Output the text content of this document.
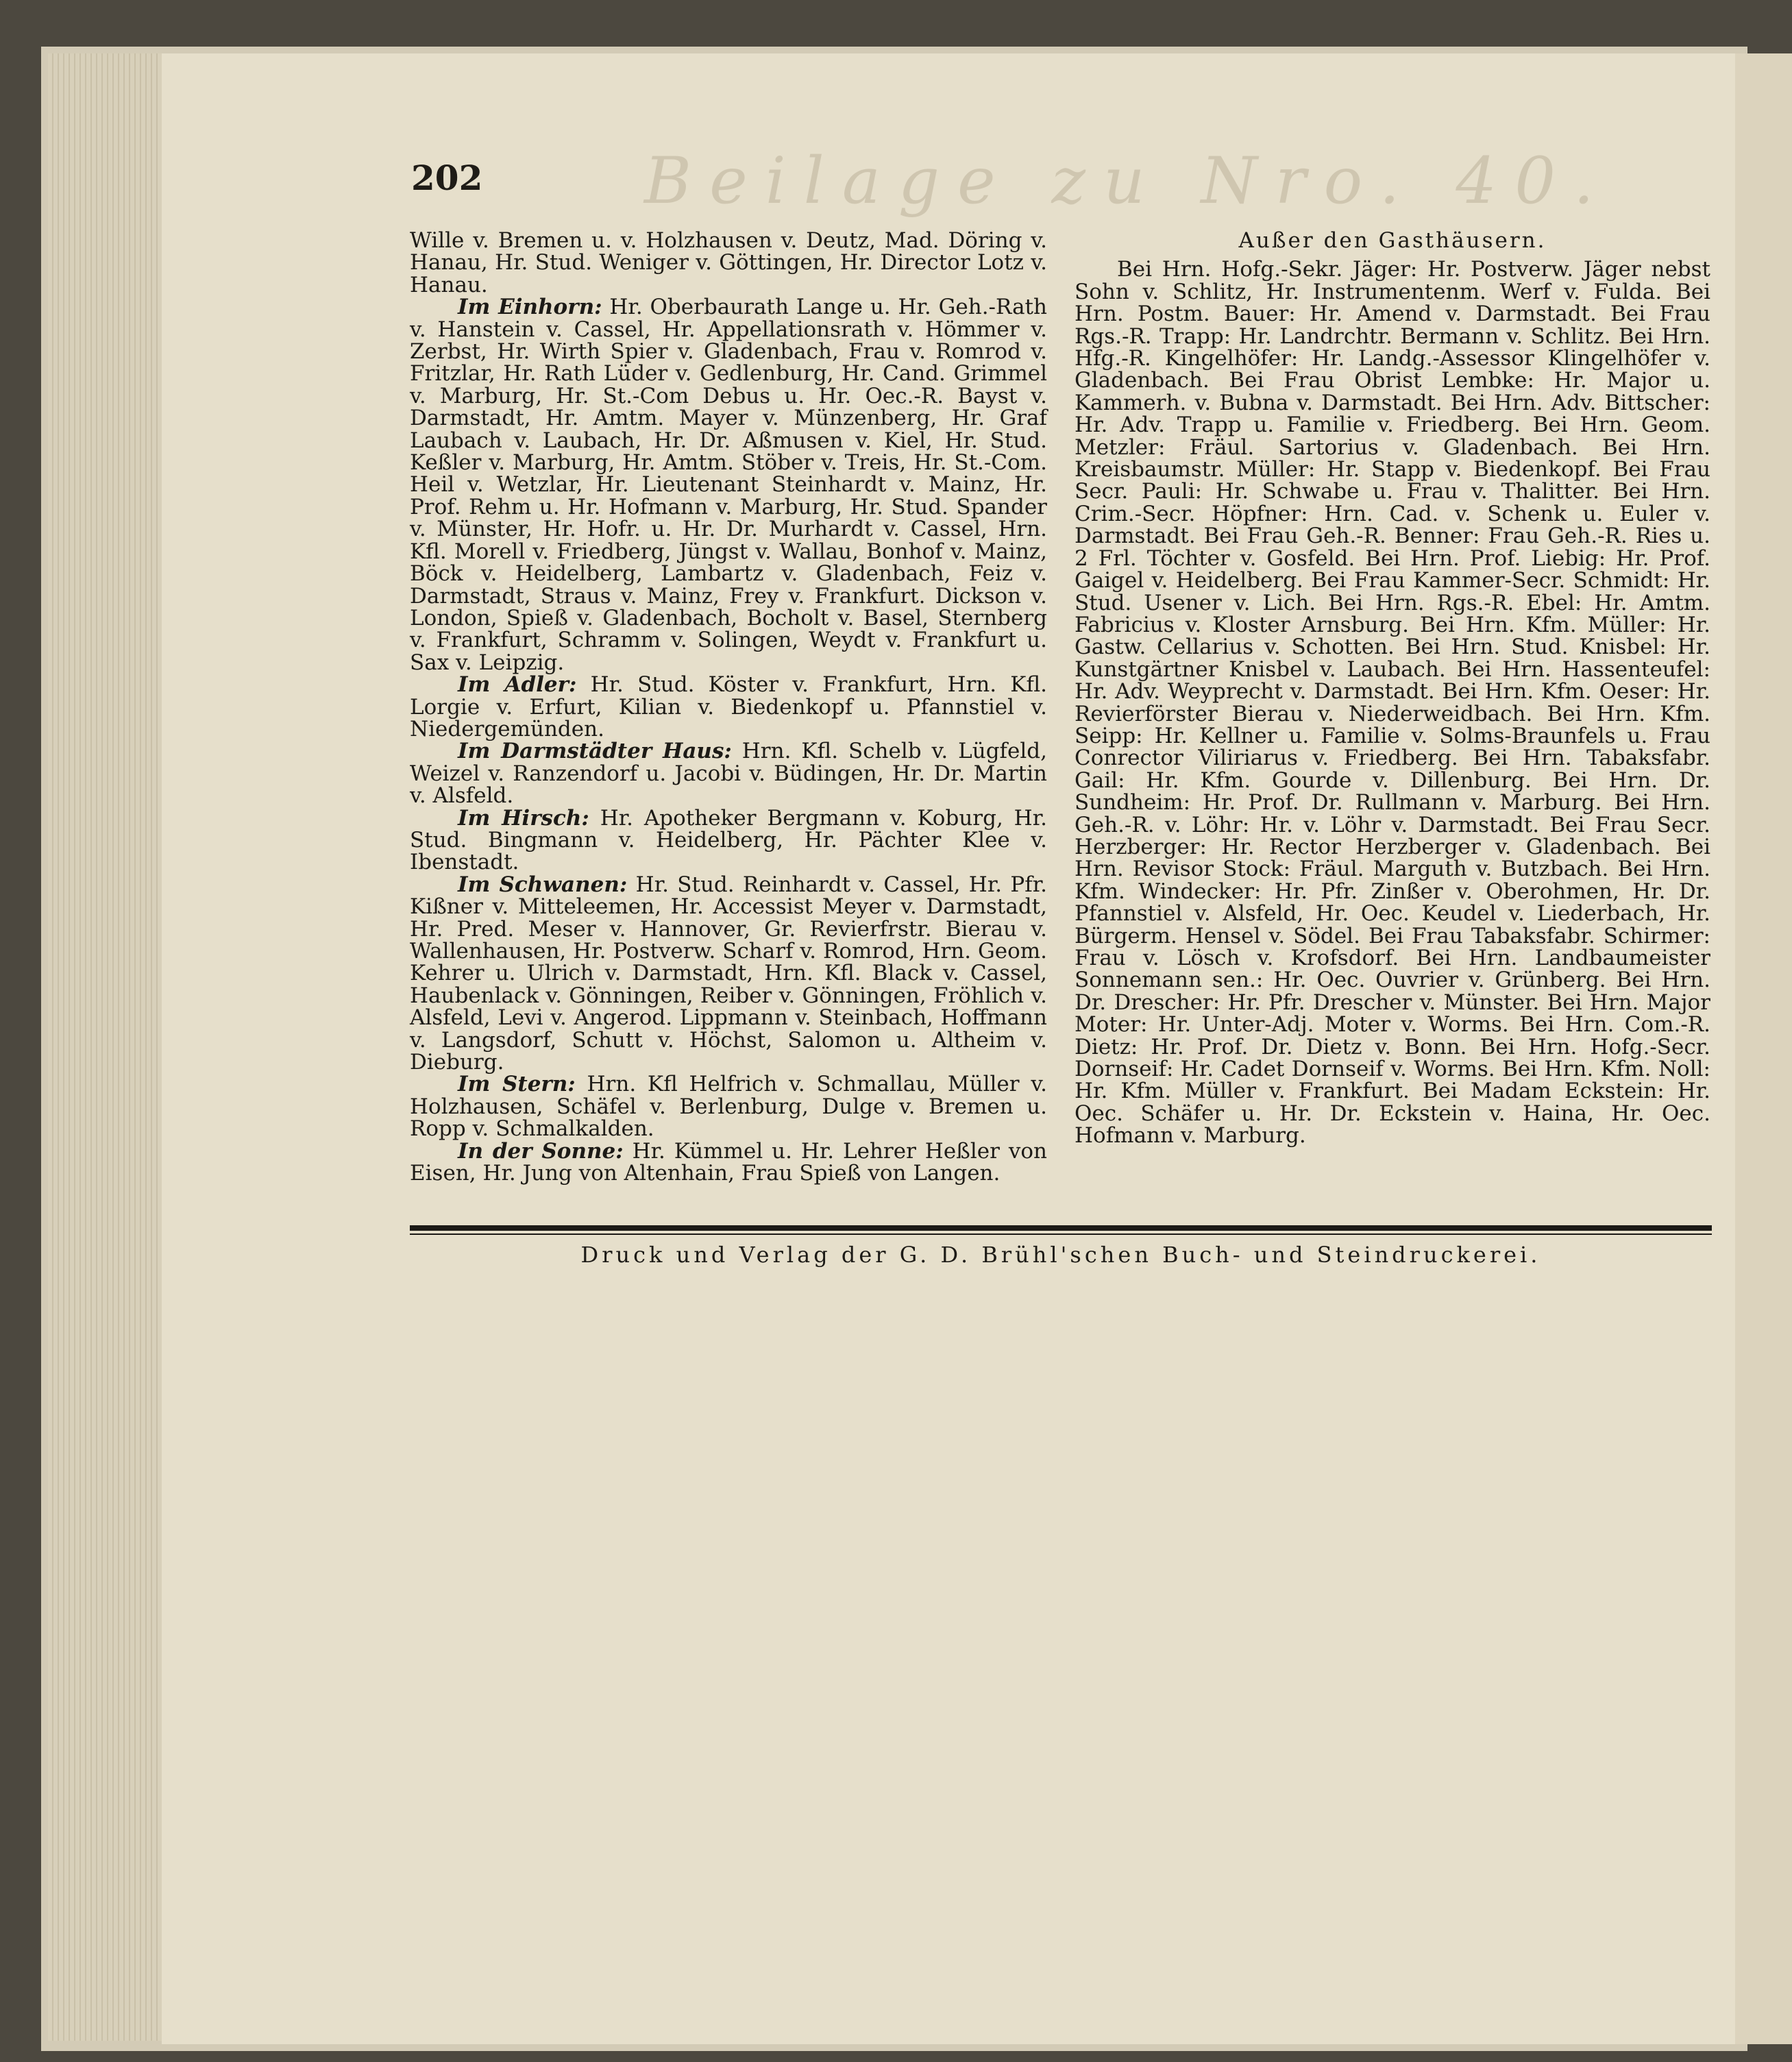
202	Beilage zu Nro. 40.

Wille v. Bremen u. v. Holzhausen v. Deutz, Mad. Döring v. Hanau, Hr. Stud. Weniger v. Göttingen, Hr. Director Lotz v. Hanau.

Im Einhorn: Hr. Oberbaurath Lange u. Hr. Geh.-Rath v. Hanstein v. Cassel, Hr. Appellationsrath v. Hömmer v. Zerbst, Hr. Wirth Spier v. Gladenbach, Frau v. Romrod v. Fritzlar, Hr. Rath Lüder v. Gedlenburg, Hr. Cand. Grimmel v. Marburg, Hr. St.-Com Debus u. Hr. Oec.-R. Bayst v. Darmstadt, Hr. Amtm. Mayer v. Münzenberg, Hr. Graf Laubach v. Laubach, Hr. Dr. Aßmusen v. Kiel, Hr. Stud. Keßler v. Marburg, Hr. Amtm. Stöber v. Treis, Hr. St.-Com. Heil v. Wetzlar, Hr. Lieutenant Steinhardt v. Mainz, Hr. Prof. Rehm u. Hr. Hofmann v. Marburg, Hr. Stud. Spander v. Münster, Hr. Hofr. u. Hr. Dr. Murhardt v. Cassel, Hrn. Kfl. Morell v. Friedberg, Jüngst v. Wallau, Bonhof v. Mainz, Böck v. Heidelberg, Lambartz v. Gladenbach, Feiz v. Darmstadt, Straus v. Mainz, Frey v. Frankfurt. Dickson v. London, Spieß v. Gladenbach, Bocholt v. Basel, Sternberg v. Frankfurt, Schramm v. Solingen, Weydt v. Frankfurt u. Sax v. Leipzig.

Im Adler: Hr. Stud. Köster v. Frankfurt, Hrn. Kfl. Lorgie v. Erfurt, Kilian v. Biedenkopf u. Pfannstiel v. Niedergemünden.

Im Darmstädter Haus: Hrn. Kfl. Schelb v. Lügfeld, Weizel v. Ranzendorf u. Jacobi v. Büdingen, Hr. Dr. Martin v. Alsfeld.

Im Hirsch: Hr. Apotheker Bergmann v. Koburg, Hr. Stud. Bingmann v. Heidelberg, Hr. Pächter Klee v. Ibenstadt.

Im Schwanen: Hr. Stud. Reinhardt v. Cassel, Hr. Pfr. Kißner v. Mitteleemen, Hr. Accessist Meyer v. Darmstadt, Hr. Pred. Meser v. Hannover, Gr. Revierfrstr. Bierau v. Wallenhausen, Hr. Postverw. Scharf v. Romrod, Hrn. Geom. Kehrer u. Ulrich v. Darmstadt, Hrn. Kfl. Black v. Cassel, Haubenlack v. Gönningen, Reiber v. Gönningen, Fröhlich v. Alsfeld, Levi v. Angerod. Lippmann v. Steinbach, Hoffmann v. Langsdorf, Schutt v. Höchst, Salomon u. Altheim v. Dieburg.

Im Stern: Hrn. Kfl Helfrich v. Schmallau, Müller v. Holzhausen, Schäfel v. Berlenburg, Dulge v. Bremen u. Ropp v. Schmalkalden.

In der Sonne: Hr. Kümmel u. Hr. Lehrer Heßler von Eisen, Hr. Jung von Altenhain, Frau Spieß von Langen.

Außer den Gasthäusern.

Bei Hrn. Hofg.-Sekr. Jäger: Hr. Postverw. Jäger nebst Sohn v. Schlitz, Hr. Instrumentenm. Werf v. Fulda. Bei Hrn. Postm. Bauer: Hr. Amend v. Darmstadt. Bei Frau Rgs.-R. Trapp: Hr. Landrchtr. Bermann v. Schlitz. Bei Hrn. Hfg.-R. Kingelhöfer: Hr. Landg.-Assessor Klingelhöfer v. Gladenbach. Bei Frau Obrist Lembke: Hr. Major u. Kammerh. v. Bubna v. Darmstadt. Bei Hrn. Adv. Bittscher: Hr. Adv. Trapp u. Familie v. Friedberg. Bei Hrn. Geom. Metzler: Fräul. Sartorius v. Gladenbach. Bei Hrn. Kreisbaumstr. Müller: Hr. Stapp v. Biedenkopf. Bei Frau Secr. Pauli: Hr. Schwabe u. Frau v. Thalitter. Bei Hrn. Crim.-Secr. Höpfner: Hrn. Cad. v. Schenk u. Euler v. Darmstadt. Bei Frau Geh.-R. Benner: Frau Geh.-R. Ries u. 2 Frl. Töchter v. Gosfeld. Bei Hrn. Prof. Liebig: Hr. Prof. Gaigel v. Heidelberg. Bei Frau Kammer-Secr. Schmidt: Hr. Stud. Usener v. Lich. Bei Hrn. Rgs.-R. Ebel: Hr. Amtm. Fabricius v. Kloster Arnsburg. Bei Hrn. Kfm. Müller: Hr. Gastw. Cellarius v. Schotten. Bei Hrn. Stud. Knisbel: Hr. Kunstgärtner Knisbel v. Laubach. Bei Hrn. Hassenteufel: Hr. Adv. Weyprecht v. Darmstadt. Bei Hrn. Kfm. Oeser: Hr. Revierförster Bierau v. Niederweidbach. Bei Hrn. Kfm. Seipp: Hr. Kellner u. Familie v. Solms-Braunfels u. Frau Conrector Viliriarus v. Friedberg. Bei Hrn. Tabaksfabr. Gail: Hr. Kfm. Gourde v. Dillenburg. Bei Hrn. Dr. Sundheim: Hr. Prof. Dr. Rullmann v. Marburg. Bei Hrn. Geh.-R. v. Löhr: Hr. v. Löhr v. Darmstadt. Bei Frau Secr. Herzberger: Hr. Rector Herzberger v. Gladenbach. Bei Hrn. Revisor Stock: Fräul. Marguth v. Butzbach. Bei Hrn. Kfm. Windecker: Hr. Pfr. Zinßer v. Oberohmen, Hr. Dr. Pfannstiel v. Alsfeld, Hr. Oec. Keudel v. Liederbach, Hr. Bürgerm. Hensel v. Södel. Bei Frau Tabaksfabr. Schirmer: Frau v. Lösch v. Krofsdorf. Bei Hrn. Landbaumeister Sonnemann sen.: Hr. Oec. Ouvrier v. Grünberg. Bei Hrn. Dr. Drescher: Hr. Pfr. Drescher v. Münster. Bei Hrn. Major Moter: Hr. Unter-Adj. Moter v. Worms. Bei Hrn. Com.-R. Dietz: Hr. Prof. Dr. Dietz v. Bonn. Bei Hrn. Hofg.-Secr. Dornseif: Hr. Cadet Dornseif v. Worms. Bei Hrn. Kfm. Noll: Hr. Kfm. Müller v. Frankfurt. Bei Madam Eckstein: Hr. Oec. Schäfer u. Hr. Dr. Eckstein v. Haina, Hr. Oec. Hofmann v. Marburg.

Druck und Verlag der G. D. Brühl'schen Buch- und Steindruckerei.
